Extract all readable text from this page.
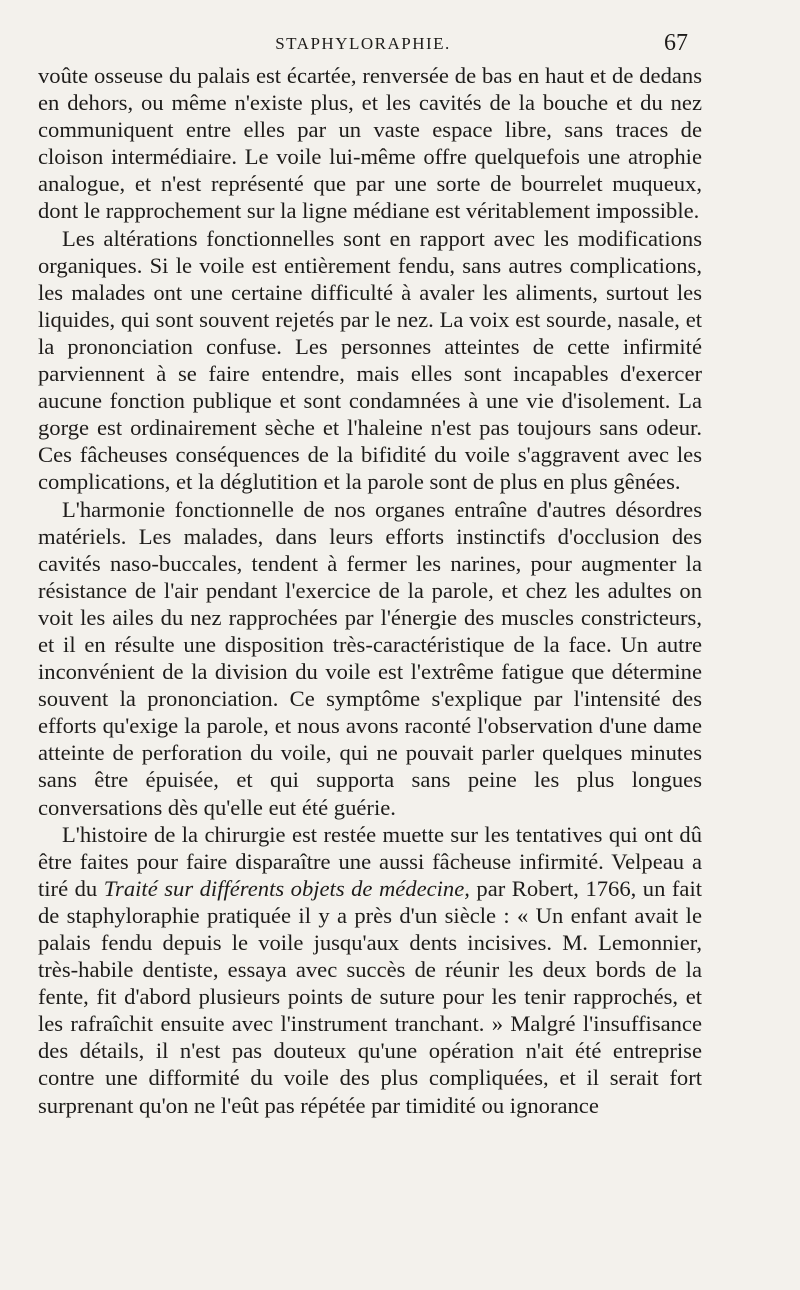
STAPHYLORAPHIE.	67

voûte osseuse du palais est écartée, renversée de bas en haut et de dedans en dehors, ou même n'existe plus, et les cavités de la bouche et du nez communiquent entre elles par un vaste espace libre, sans traces de cloison intermédiaire. Le voile lui-même offre quelquefois une atrophie analogue, et n'est représenté que par une sorte de bourrelet muqueux, dont le rapprochement sur la ligne médiane est véritablement impossible.

Les altérations fonctionnelles sont en rapport avec les modifications organiques. Si le voile est entièrement fendu, sans autres complications, les malades ont une certaine difficulté à avaler les aliments, surtout les liquides, qui sont souvent rejetés par le nez. La voix est sourde, nasale, et la prononciation confuse. Les personnes atteintes de cette infirmité parviennent à se faire entendre, mais elles sont incapables d'exercer aucune fonction publique et sont condamnées à une vie d'isolement. La gorge est ordinairement sèche et l'haleine n'est pas toujours sans odeur. Ces fâcheuses conséquences de la bifidité du voile s'aggravent avec les complications, et la déglutition et la parole sont de plus en plus gênées.

L'harmonie fonctionnelle de nos organes entraîne d'autres désordres matériels. Les malades, dans leurs efforts instinctifs d'occlusion des cavités naso-buccales, tendent à fermer les narines, pour augmenter la résistance de l'air pendant l'exercice de la parole, et chez les adultes on voit les ailes du nez rapprochées par l'énergie des muscles constricteurs, et il en résulte une disposition très-caractéristique de la face. Un autre inconvénient de la division du voile est l'extrême fatigue que détermine souvent la prononciation. Ce symptôme s'explique par l'intensité des efforts qu'exige la parole, et nous avons raconté l'observation d'une dame atteinte de perforation du voile, qui ne pouvait parler quelques minutes sans être épuisée, et qui supporta sans peine les plus longues conversations dès qu'elle eut été guérie.

L'histoire de la chirurgie est restée muette sur les tentatives qui ont dû être faites pour faire disparaître une aussi fâcheuse infirmité. Velpeau a tiré du Traité sur différents objets de médecine, par Robert, 1766, un fait de staphyloraphie pratiquée il y a près d'un siècle : « Un enfant avait le palais fendu depuis le voile jusqu'aux dents incisives. M. Lemonnier, très-habile dentiste, essaya avec succès de réunir les deux bords de la fente, fit d'abord plusieurs points de suture pour les tenir rapprochés, et les rafraîchit ensuite avec l'instrument tranchant. » Malgré l'insuffisance des détails, il n'est pas douteux qu'une opération n'ait été entreprise contre une difformité du voile des plus compliquées, et il serait fort surprenant qu'on ne l'eût pas répétée par timidité ou ignorance
